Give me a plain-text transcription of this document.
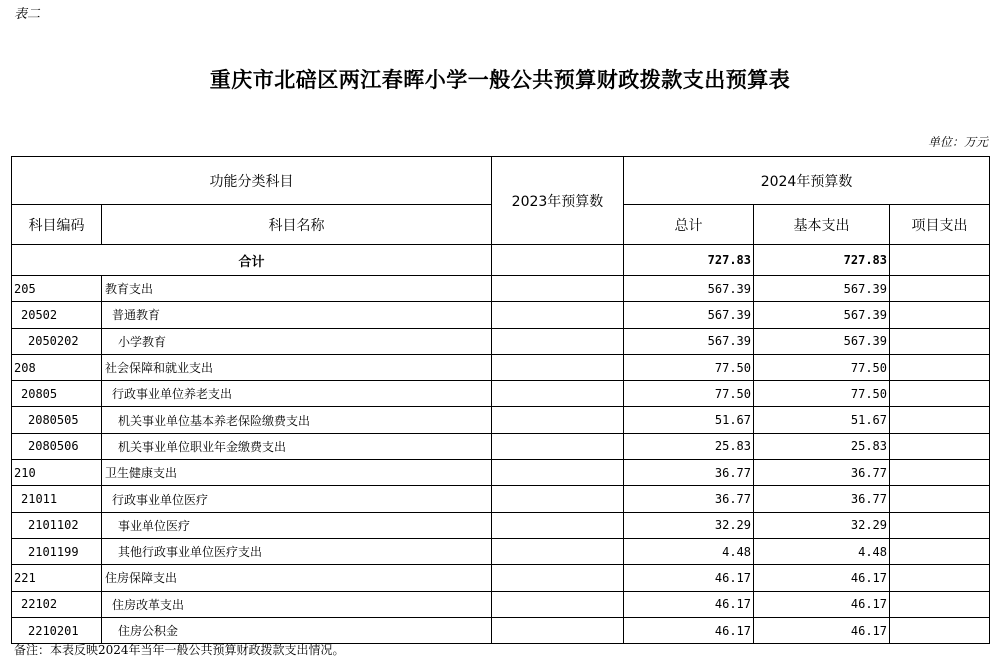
表二
重庆市北碚区两江春晖小学一般公共预算财政拨款支出预算表
单位：万元
功能分类科目		2023年预算数	2024年预算数		
科目编码	科目名称		总计	基本支出	项目支出
合计			727.83	727.83	
205	教育支出		567.39	567.39	
20502	普通教育		567.39	567.39	
2050202	小学教育		567.39	567.39	
208	社会保障和就业支出		77.50	77.50	
20805	行政事业单位养老支出		77.50	77.50	
2080505	机关事业单位基本养老保险缴费支出		51.67	51.67	
2080506	机关事业单位职业年金缴费支出		25.83	25.83	
210	卫生健康支出		36.77	36.77	
21011	行政事业单位医疗		36.77	36.77	
2101102	事业单位医疗		32.29	32.29	
2101199	其他行政事业单位医疗支出		4.48	4.48	
221	住房保障支出		46.17	46.17	
22102	住房改革支出		46.17	46.17	
2210201	住房公积金		46.17	46.17	
备注：本表反映2024年当年一般公共预算财政拨款支出情况。
